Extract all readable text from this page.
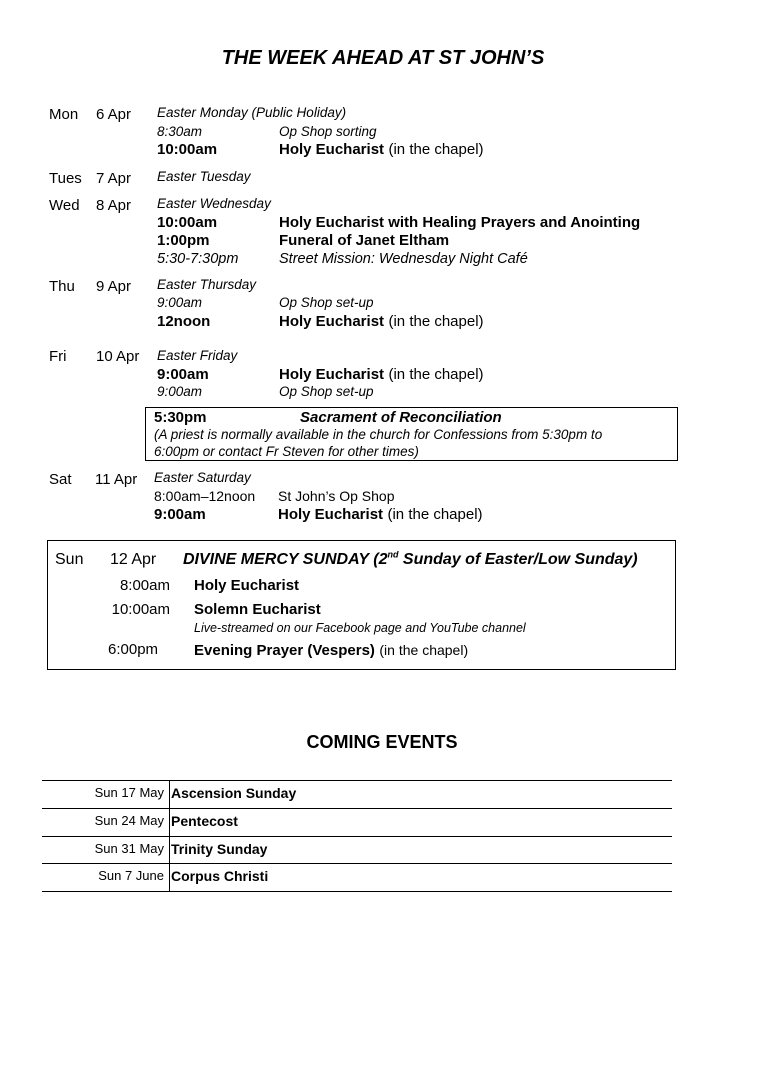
THE WEEK AHEAD AT ST JOHN’S
Mon 6 Apr Easter Monday (Public Holiday)
8:30am	Op Shop sorting
10:00am	Holy Eucharist (in the chapel)
Tues 7 Apr Easter Tuesday
Wed 8 Apr Easter Wednesday
10:00am	Holy Eucharist with Healing Prayers and Anointing
1:00pm	Funeral of Janet Eltham
5:30-7:30pm	Street Mission: Wednesday Night Café
Thu 9 Apr Easter Thursday
9:00am	Op Shop set-up
12noon	Holy Eucharist (in the chapel)
Fri 10 Apr Easter Friday
9:00am	Holy Eucharist (in the chapel)
9:00am	Op Shop set-up
5:30pm	Sacrament of Reconciliation
(A priest is normally available in the church for Confessions from 5:30pm to
6:00pm or contact Fr Steven for other times)
Sat 11 Apr Easter Saturday
8:00am–12noon St John’s Op Shop
9:00am	Holy Eucharist (in the chapel)
Sun 12 Apr DIVINE MERCY SUNDAY (2nd Sunday of Easter/Low Sunday)
8:00am Holy Eucharist
10:00am Solemn Eucharist
Live-streamed on our Facebook page and YouTube channel
6:00pm Evening Prayer (Vespers) (in the chapel)
COMING EVENTS
Sun 17 May Ascension Sunday
Sun 24 May Pentecost
Sun 31 May Trinity Sunday
Sun 7 June Corpus Christi
